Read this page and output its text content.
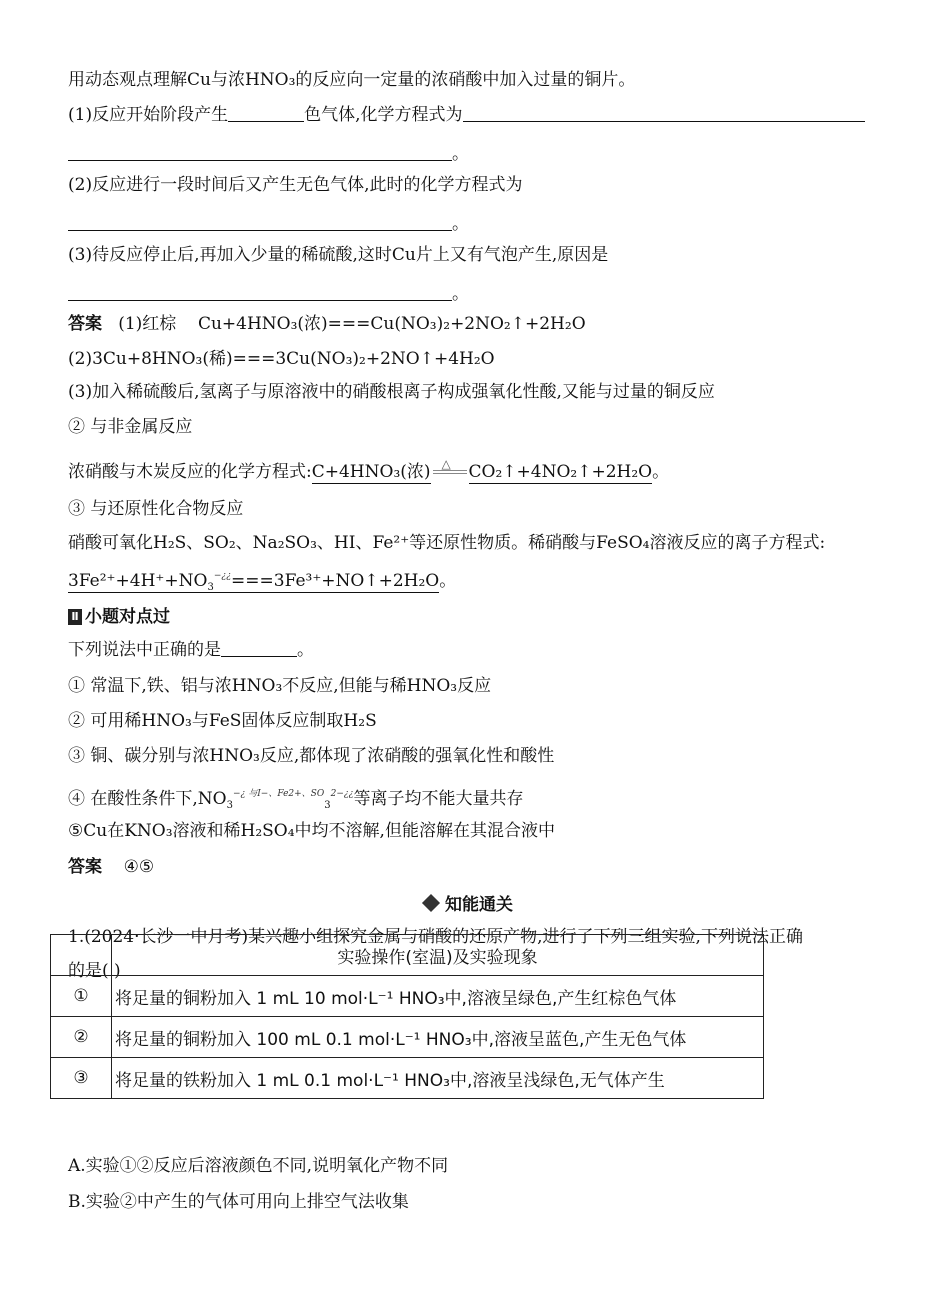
用动态观点理解Cu与浓HNO₃的反应向一定量的浓硝酸中加入过量的铜片。
(1)反应开始阶段产生	色气体,化学方程式为
。
(2)反应进行一段时间后又产生无色气体,此时的化学方程式为
。
(3)待反应停止后,再加入少量的稀硫酸,这时Cu片上又有气泡产生,原因是
。
答案 (1)红棕 Cu+4HNO₃(浓)===Cu(NO₃)₂+2NO₂↑+2H₂O
(2)3Cu+8HNO₃(稀)===3Cu(NO₃)₂+2NO↑+4H₂O
(3)加入稀硫酸后,氢离子与原溶液中的硝酸根离子构成强氧化性酸,又能与过量的铜反应
② 与非金属反应
浓硝酸与木炭反应的化学方程式:C+4HNO₃(浓) △ CO₂↑+4NO₂↑+2H₂O。
③ 与还原性化合物反应
硝酸可氧化H₂S、SO₂、Na₂SO₃、HI、Fe²⁺等还原性物质。稀硝酸与FeSO₄溶液反应的离子方程式:
$3Fe^{2+}+4H^++NO_3^{-¿¿}===3Fe^{3+}+NO↑+2H_2O$。
Ⅱ 小题对点过
下列说法中正确的是	。
① 常温下,铁、铝与浓HNO₃不反应,但能与稀HNO₃反应
② 可用稀HNO₃与FeS固体反应制取H₂S
③ 铜、碳分别与浓HNO₃反应,都体现了浓硝酸的强氧化性和酸性
④ 在酸性条件下$,NO_3^{-¿ 与I-、Fe2+、SO}_3^{2-¿¿}$等离子均不能大量共存
⑤Cu在KNO₃溶液和稀H₂SO₄中均不溶解,但能溶解在其混合液中
答案 ④⑤
知能通关
1.(2024·长沙一中月考)某兴趣小组探究金属与硝酸的还原产物,进行了下列三组实验,下列说法正确
的是( )
	实验操作(室温)及实验现象
①	将足量的铜粉加入 1 mL 10 mol·L⁻¹ HNO₃中,溶液呈绿色,产生红棕色气体
②	将足量的铜粉加入 100 mL 0.1 mol·L⁻¹ HNO₃中,溶液呈蓝色,产生无色气体
③	将足量的铁粉加入 1 mL 0.1 mol·L⁻¹ HNO₃中,溶液呈浅绿色,无气体产生
A.实验①②反应后溶液颜色不同,说明氧化产物不同
B.实验②中产生的气体可用向上排空气法收集
